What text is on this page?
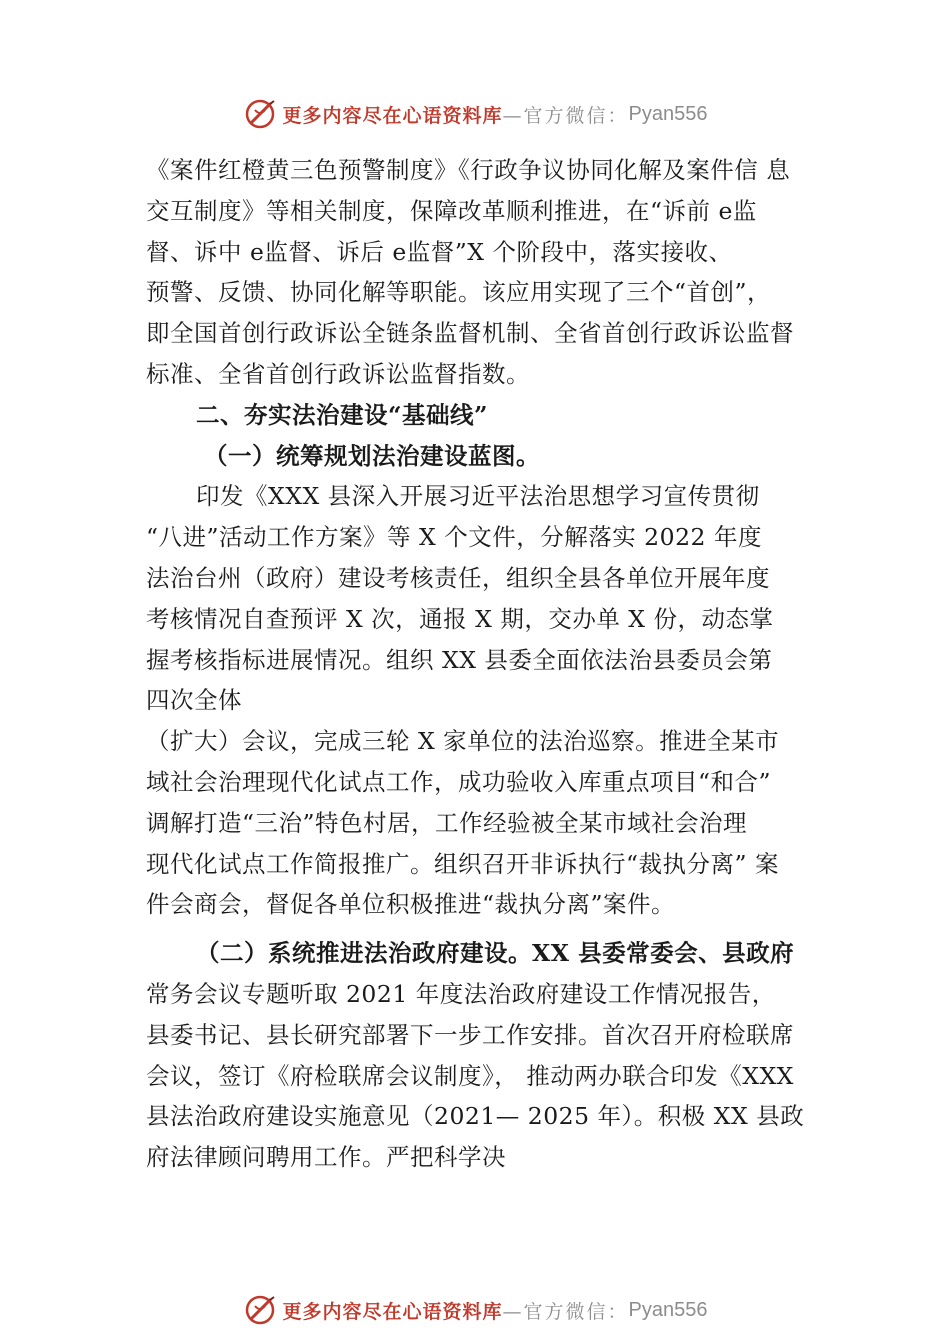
更多内容尽在心语资料库 —官方微信： Pyan556
《案件红橙黄三色预警制度》《行政争议协同化解及案件信 息
交互制度》等相关制度，保障改革顺利推进，在“诉前 e监
督、诉中 e监督、诉后 e监督”X 个阶段中，落实接收、
预警、反馈、协同化解等职能。该应用实现了三个“首创”，
即全国首创行政诉讼全链条监督机制、全省首创行政诉讼监督
标准、全省首创行政诉讼监督指数。
二、夯实法治建设“基础线”
（一）统筹规划法治建设蓝图。
印发《XXX 县深入开展习近平法治思想学习宣传贯彻
“八进”活动工作方案》等 X 个文件，分解落实 2022 年度
法治台州（政府）建设考核责任，组织全县各单位开展年度
考核情况自查预评 X 次，通报 X 期，交办单 X 份，动态掌
握考核指标进展情况。组织 XX 县委全面依法治县委员会第
四次全体
（扩大）会议，完成三轮 X 家单位的法治巡察。推进全某市
域社会治理现代化试点工作，成功验收入库重点项目“和合”
调解打造“三治”特色村居，工作经验被全某市域社会治理
现代化试点工作简报推广。组织召开非诉执行“裁执分离” 案
件会商会，督促各单位积极推进“裁执分离”案件。
（二）系统推进法治政府建设。XX 县委常委会、县政府
常务会议专题听取 2021 年度法治政府建设工作情况报告，
县委书记、县长研究部署下一步工作安排。首次召开府检联席
会议，签订《府检联席会议制度》， 推动两办联合印发《XXX
县法治政府建设实施意见（2021— 2025 年）。积极 XX 县政
府法律顾问聘用工作。严把科学决
更多内容尽在心语资料库 —官方微信： Pyan556
